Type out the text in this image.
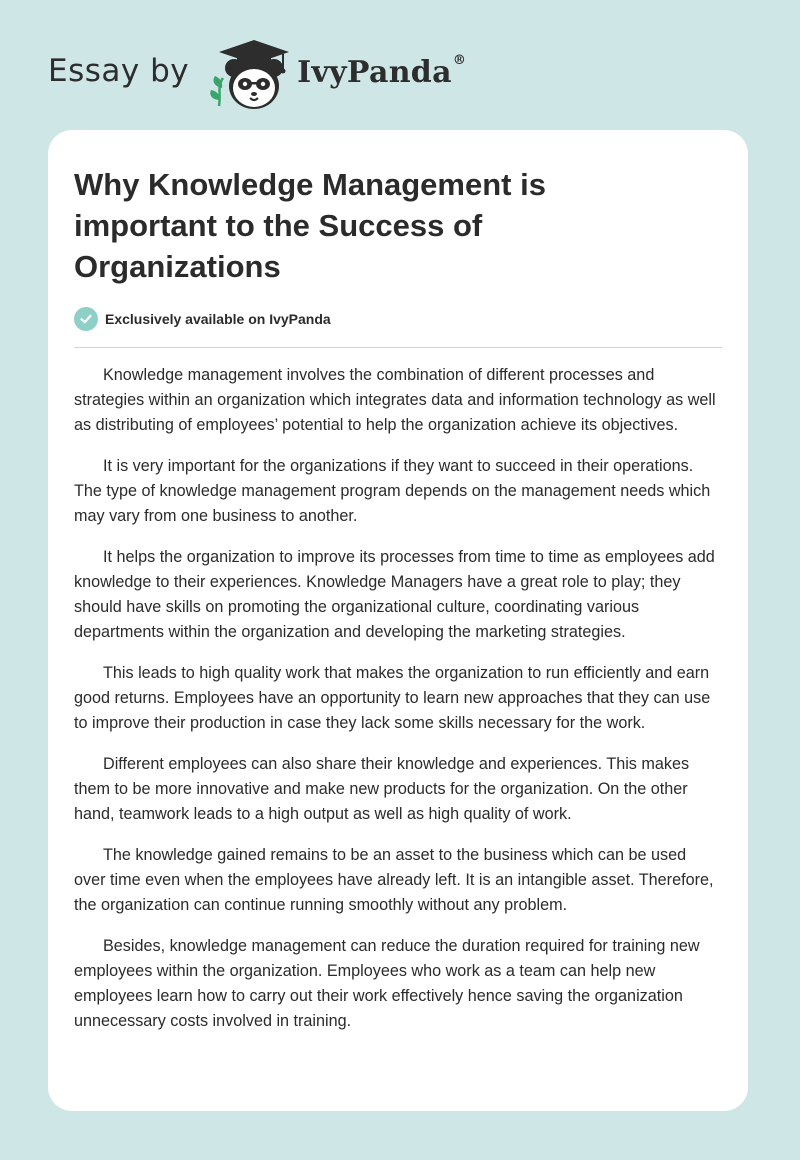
Essay by	IvyPanda®
Why Knowledge Management is important to the Success of Organizations
Exclusively available on IvyPanda

Knowledge management involves the combination of different processes and strategies within an organization which integrates data and information technology as well as distributing of employees’ potential to help the organization achieve its objectives.

It is very important for the organizations if they want to succeed in their operations. The type of knowledge management program depends on the management needs which may vary from one business to another.

It helps the organization to improve its processes from time to time as employees add knowledge to their experiences. Knowledge Managers have a great role to play; they should have skills on promoting the organizational culture, coordinating various departments within the organization and developing the marketing strategies.

This leads to high quality work that makes the organization to run efficiently and earn good returns. Employees have an opportunity to learn new approaches that they can use to improve their production in case they lack some skills necessary for the work.

Different employees can also share their knowledge and experiences. This makes them to be more innovative and make new products for the organization. On the other hand, teamwork leads to a high output as well as high quality of work.

The knowledge gained remains to be an asset to the business which can be used over time even when the employees have already left. It is an intangible asset. Therefore, the organization can continue running smoothly without any problem.

Besides, knowledge management can reduce the duration required for training new employees within the organization. Employees who work as a team can help new employees learn how to carry out their work effectively hence saving the organization unnecessary costs involved in training.
